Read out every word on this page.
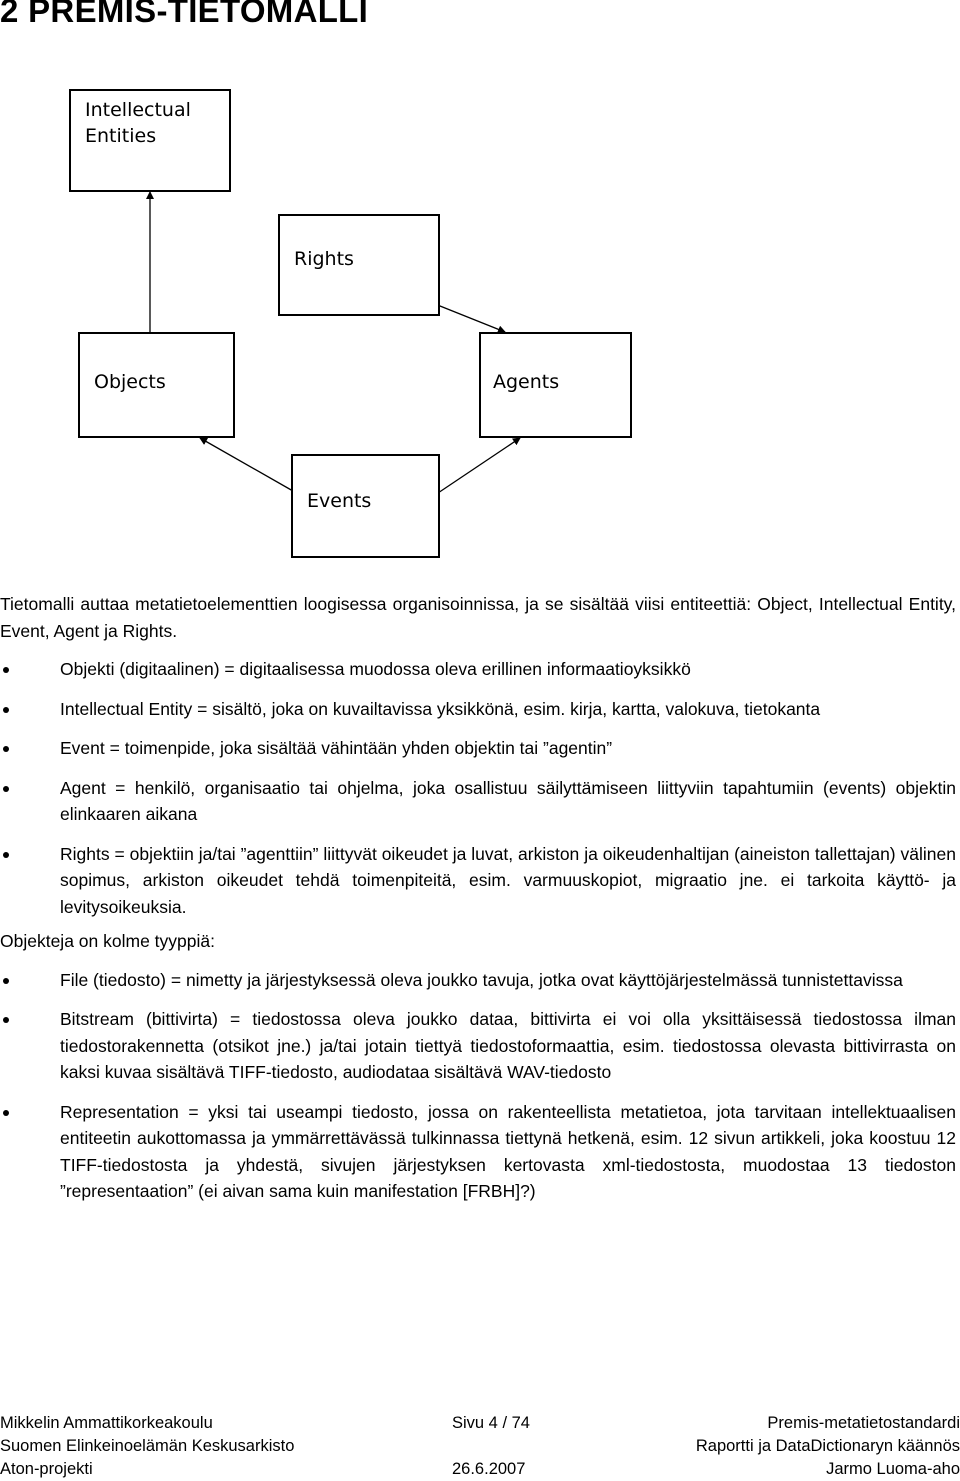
2 PREMIS-TIETOMALLI
Intellectual
Entities
Rights
Objects	Agents
Events

Tietomalli auttaa metatietoelementtien loogisessa organisoinnissa, ja se sisältää viisi entiteettiä: Object, Intellectual Entity, Event, Agent ja Rights.

Objekti (digitaalinen) = digitaalisessa muodossa oleva erillinen informaatioyksikkö
Intellectual Entity = sisältö, joka on kuvailtavissa yksikkönä, esim. kirja, kartta, valokuva, tietokanta
Event = toimenpide, joka sisältää vähintään yhden objektin tai ”agentin”
Agent = henkilö, organisaatio tai ohjelma, joka osallistuu säilyttämiseen liittyviin tapahtumiin (events) objektin elinkaaren aikana
Rights = objektiin ja/tai ”agenttiin” liittyvät oikeudet ja luvat, arkiston ja oikeudenhaltijan (aineiston tallettajan) välinen sopimus, arkiston oikeudet tehdä toimenpiteitä, esim. varmuuskopiot, migraatio jne. ei tarkoita käyttö- ja levitysoikeuksia.

Objekteja on kolme tyyppiä:

File (tiedosto) = nimetty ja järjestyksessä oleva joukko tavuja, jotka ovat käyttöjärjestelmässä tunnistettavissa
Bitstream (bittivirta) = tiedostossa oleva joukko dataa, bittivirta ei voi olla yksittäisessä tiedostossa ilman tiedostorakennetta (otsikot jne.) ja/tai jotain tiettyä tiedostoformaattia, esim. tiedostossa olevasta bittivirrasta on kaksi kuvaa sisältävä TIFF-tiedosto, audiodataa sisältävä WAV-tiedosto
Representation = yksi tai useampi tiedosto, jossa on rakenteellista metatietoa, jota tarvitaan intellektuaalisen entiteetin aukottomassa ja ymmärrettävässä tulkinnassa tiettynä hetkenä, esim. 12 sivun artikkeli, joka koostuu 12 TIFF-tiedostosta ja yhdestä, sivujen järjestyksen kertovasta xml-tiedostosta, muodostaa 13 tiedoston ”representaation” (ei aivan sama kuin manifestation [FRBH]?)
Mikkelin Ammattikorkeakoulu	Sivu 4 / 74	Premis-metatietostandardi
Suomen Elinkeinoelämän Keskusarkisto	Raportti ja DataDictionaryn käännös
Aton-projekti	26.6.2007	Jarmo Luoma-aho
